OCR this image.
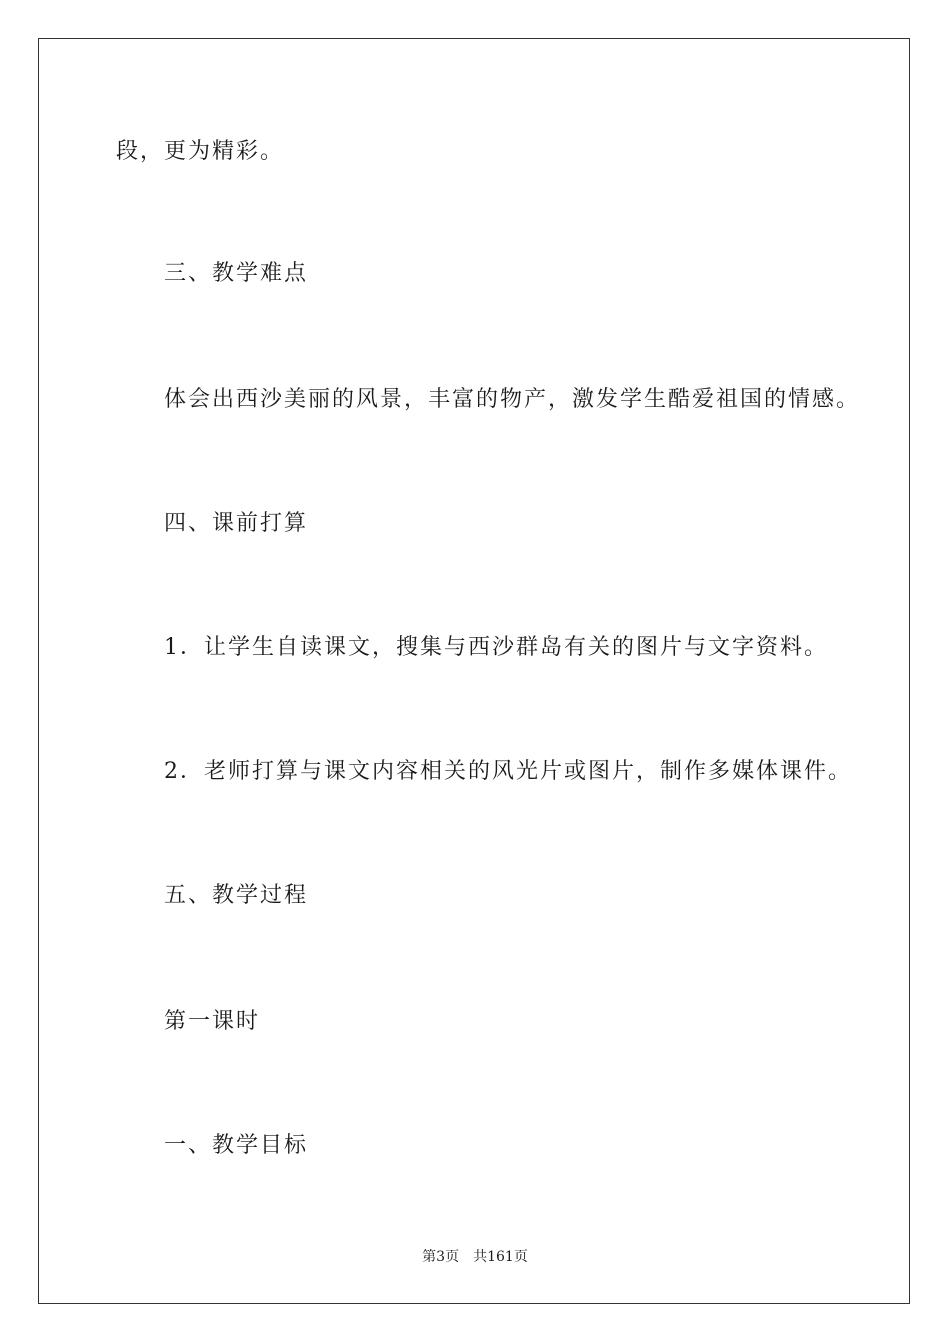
段，更为精彩。
三、教学难点
体会出西沙美丽的风景，丰富的物产，激发学生酷爱祖国的情感。
四、课前打算
1．让学生自读课文，搜集与西沙群岛有关的图片与文字资料。
2．老师打算与课文内容相关的风光片或图片，制作多媒体课件。
五、教学过程
第一课时
一、教学目标
第3页 共161页
